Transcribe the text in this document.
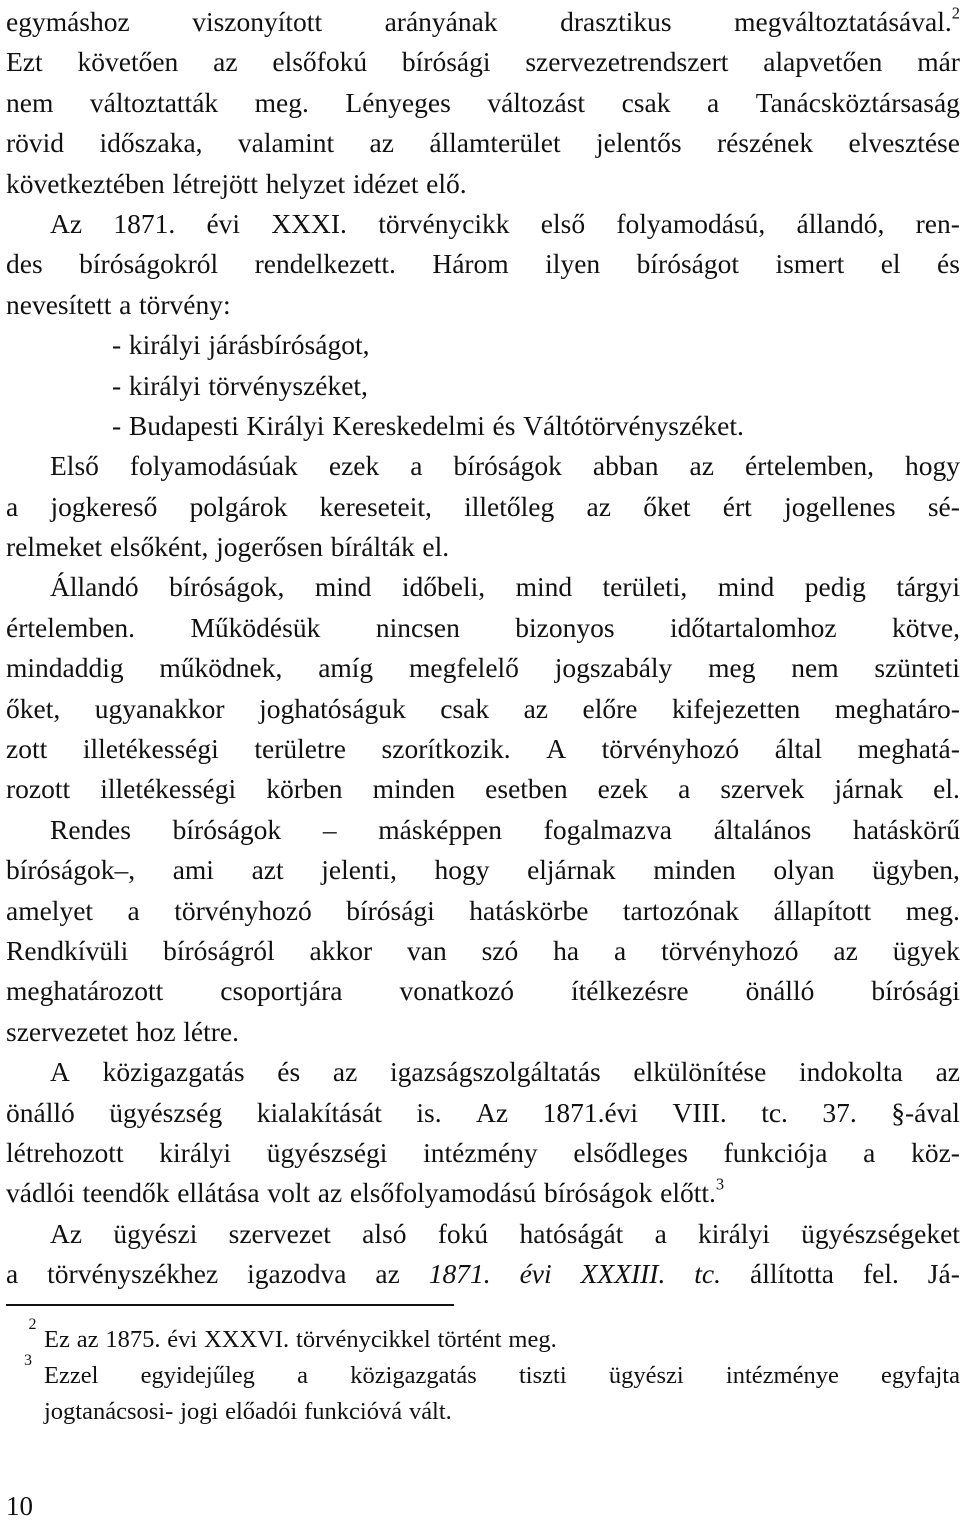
egymáshoz viszonyított arányának drasztikus megváltoztatásával.$^2$
Ezt követően az elsőfokú bírósági szervezetrendszert alapvetően már
nem változtatták meg. Lényeges változást csak a Tanácsköztársaság
rövid időszaka, valamint az államterület jelentős részének elvesztése
következtében létrejött helyzet idézet elő.
Az 1871. évi XXXI. törvénycikk első folyamodású, állandó, ren-
des bíróságokról rendelkezett. Három ilyen bíróságot ismert el és
nevesített a törvény:
- királyi járásbíróságot,
- királyi törvényszéket,
- Budapesti Királyi Kereskedelmi és Váltótörvényszéket.
Első folyamodásúak ezek a bíróságok abban az értelemben, hogy
a jogkereső polgárok kereseteit, illetőleg az őket ért jogellenes sé-
relmeket elsőként, jogerősen bírálták el.
Állandó bíróságok, mind időbeli, mind területi, mind pedig tárgyi
értelemben. Működésük nincsen bizonyos időtartalomhoz kötve,
mindaddig működnek, amíg megfelelő jogszabály meg nem szünteti
őket, ugyanakkor joghatóságuk csak az előre kifejezetten meghatáro-
zott illetékességi területre szorítkozik. A törvényhozó által meghatá-
rozott illetékességi körben minden esetben ezek a szervek járnak el.
Rendes bíróságok – másképpen fogalmazva általános hatáskörű
bíróságok–, ami azt jelenti, hogy eljárnak minden olyan ügyben,
amelyet a törvényhozó bírósági hatáskörbe tartozónak állapított meg.
Rendkívüli bíróságról akkor van szó ha a törvényhozó az ügyek
meghatározott csoportjára vonatkozó ítélkezésre önálló bírósági
szervezetet hoz létre.
A közigazgatás és az igazságszolgáltatás elkülönítése indokolta az
önálló ügyészség kialakítását is. Az 1871.évi VIII. tc. 37. §-ával
létrehozott királyi ügyészségi intézmény elsődleges funkciója a köz-
vádlói teendők ellátása volt az elsőfolyamodású bíróságok előtt.$^3$
Az ügyészi szervezet alsó fokú hatóságát a királyi ügyészségeket
a törvényszékhez igazodva az 1871. évi XXXIII. tc. állította fel. Já-
Ez az 1875. évi XXXVI. törvénycikkel történt meg.
2
Ezzel egyidejűleg a közigazgatás tiszti ügyészi intézménye egyfajta
3
jogtanácsosi- jogi előadói funkcióvá vált.
10
